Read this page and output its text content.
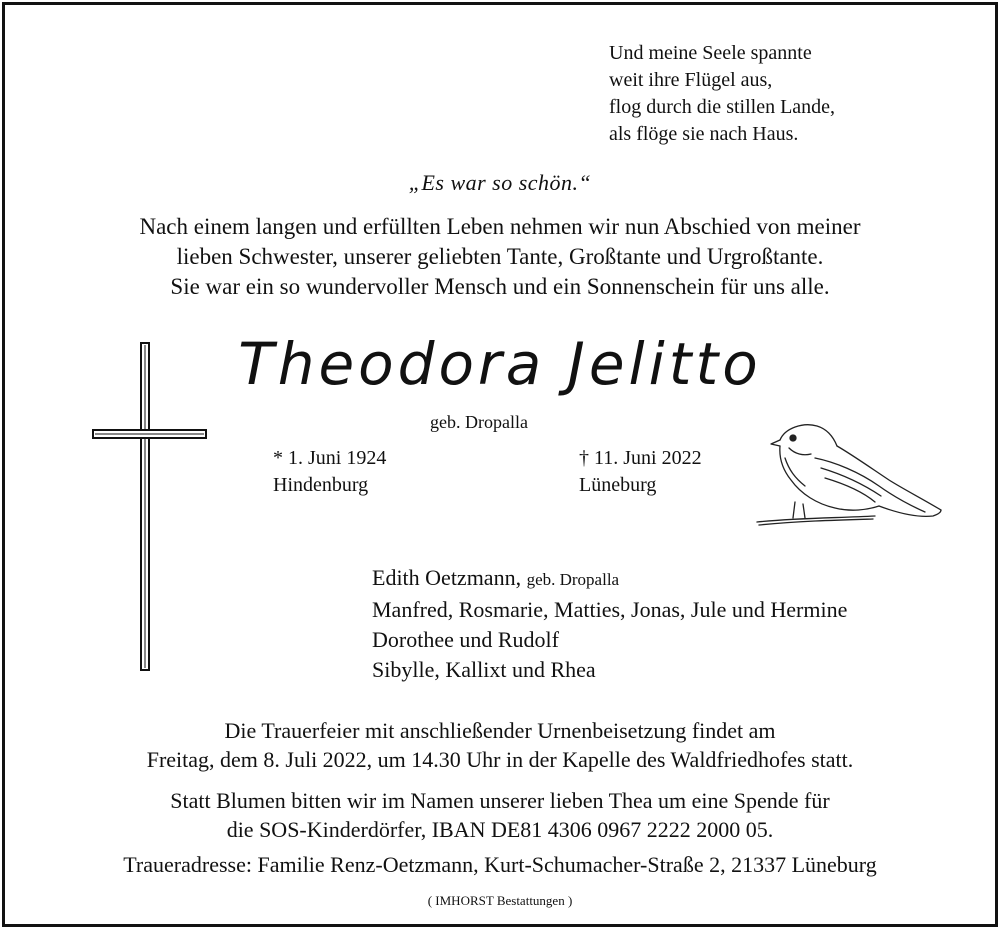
Und meine Seele spannte
weit ihre Flügel aus,
flog durch die stillen Lande,
als flöge sie nach Haus.
„Es war so schön.“
Nach einem langen und erfüllten Leben nehmen wir nun Abschied von meiner
lieben Schwester, unserer geliebten Tante, Großtante und Urgroßtante.
Sie war ein so wundervoller Mensch und ein Sonnenschein für uns alle.
Theodora Jelitto
geb. Dropalla
* 1. Juni 1924
Hindenburg
† 11. Juni 2022
Lüneburg
Edith Oetzmann, geb. Dropalla
Manfred, Rosmarie, Matties, Jonas, Jule und Hermine
Dorothee und Rudolf
Sibylle, Kallixt und Rhea
Die Trauerfeier mit anschließender Urnenbeisetzung findet am
Freitag, dem 8. Juli 2022, um 14.30 Uhr in der Kapelle des Waldfriedhofes statt.
Statt Blumen bitten wir im Namen unserer lieben Thea um eine Spende für
die SOS-Kinderdörfer, IBAN DE81 4306 0967 2222 2000 05.
Traueradresse: Familie Renz-Oetzmann, Kurt-Schumacher-Straße 2, 21337 Lüneburg
( IMHORST Bestattungen )
